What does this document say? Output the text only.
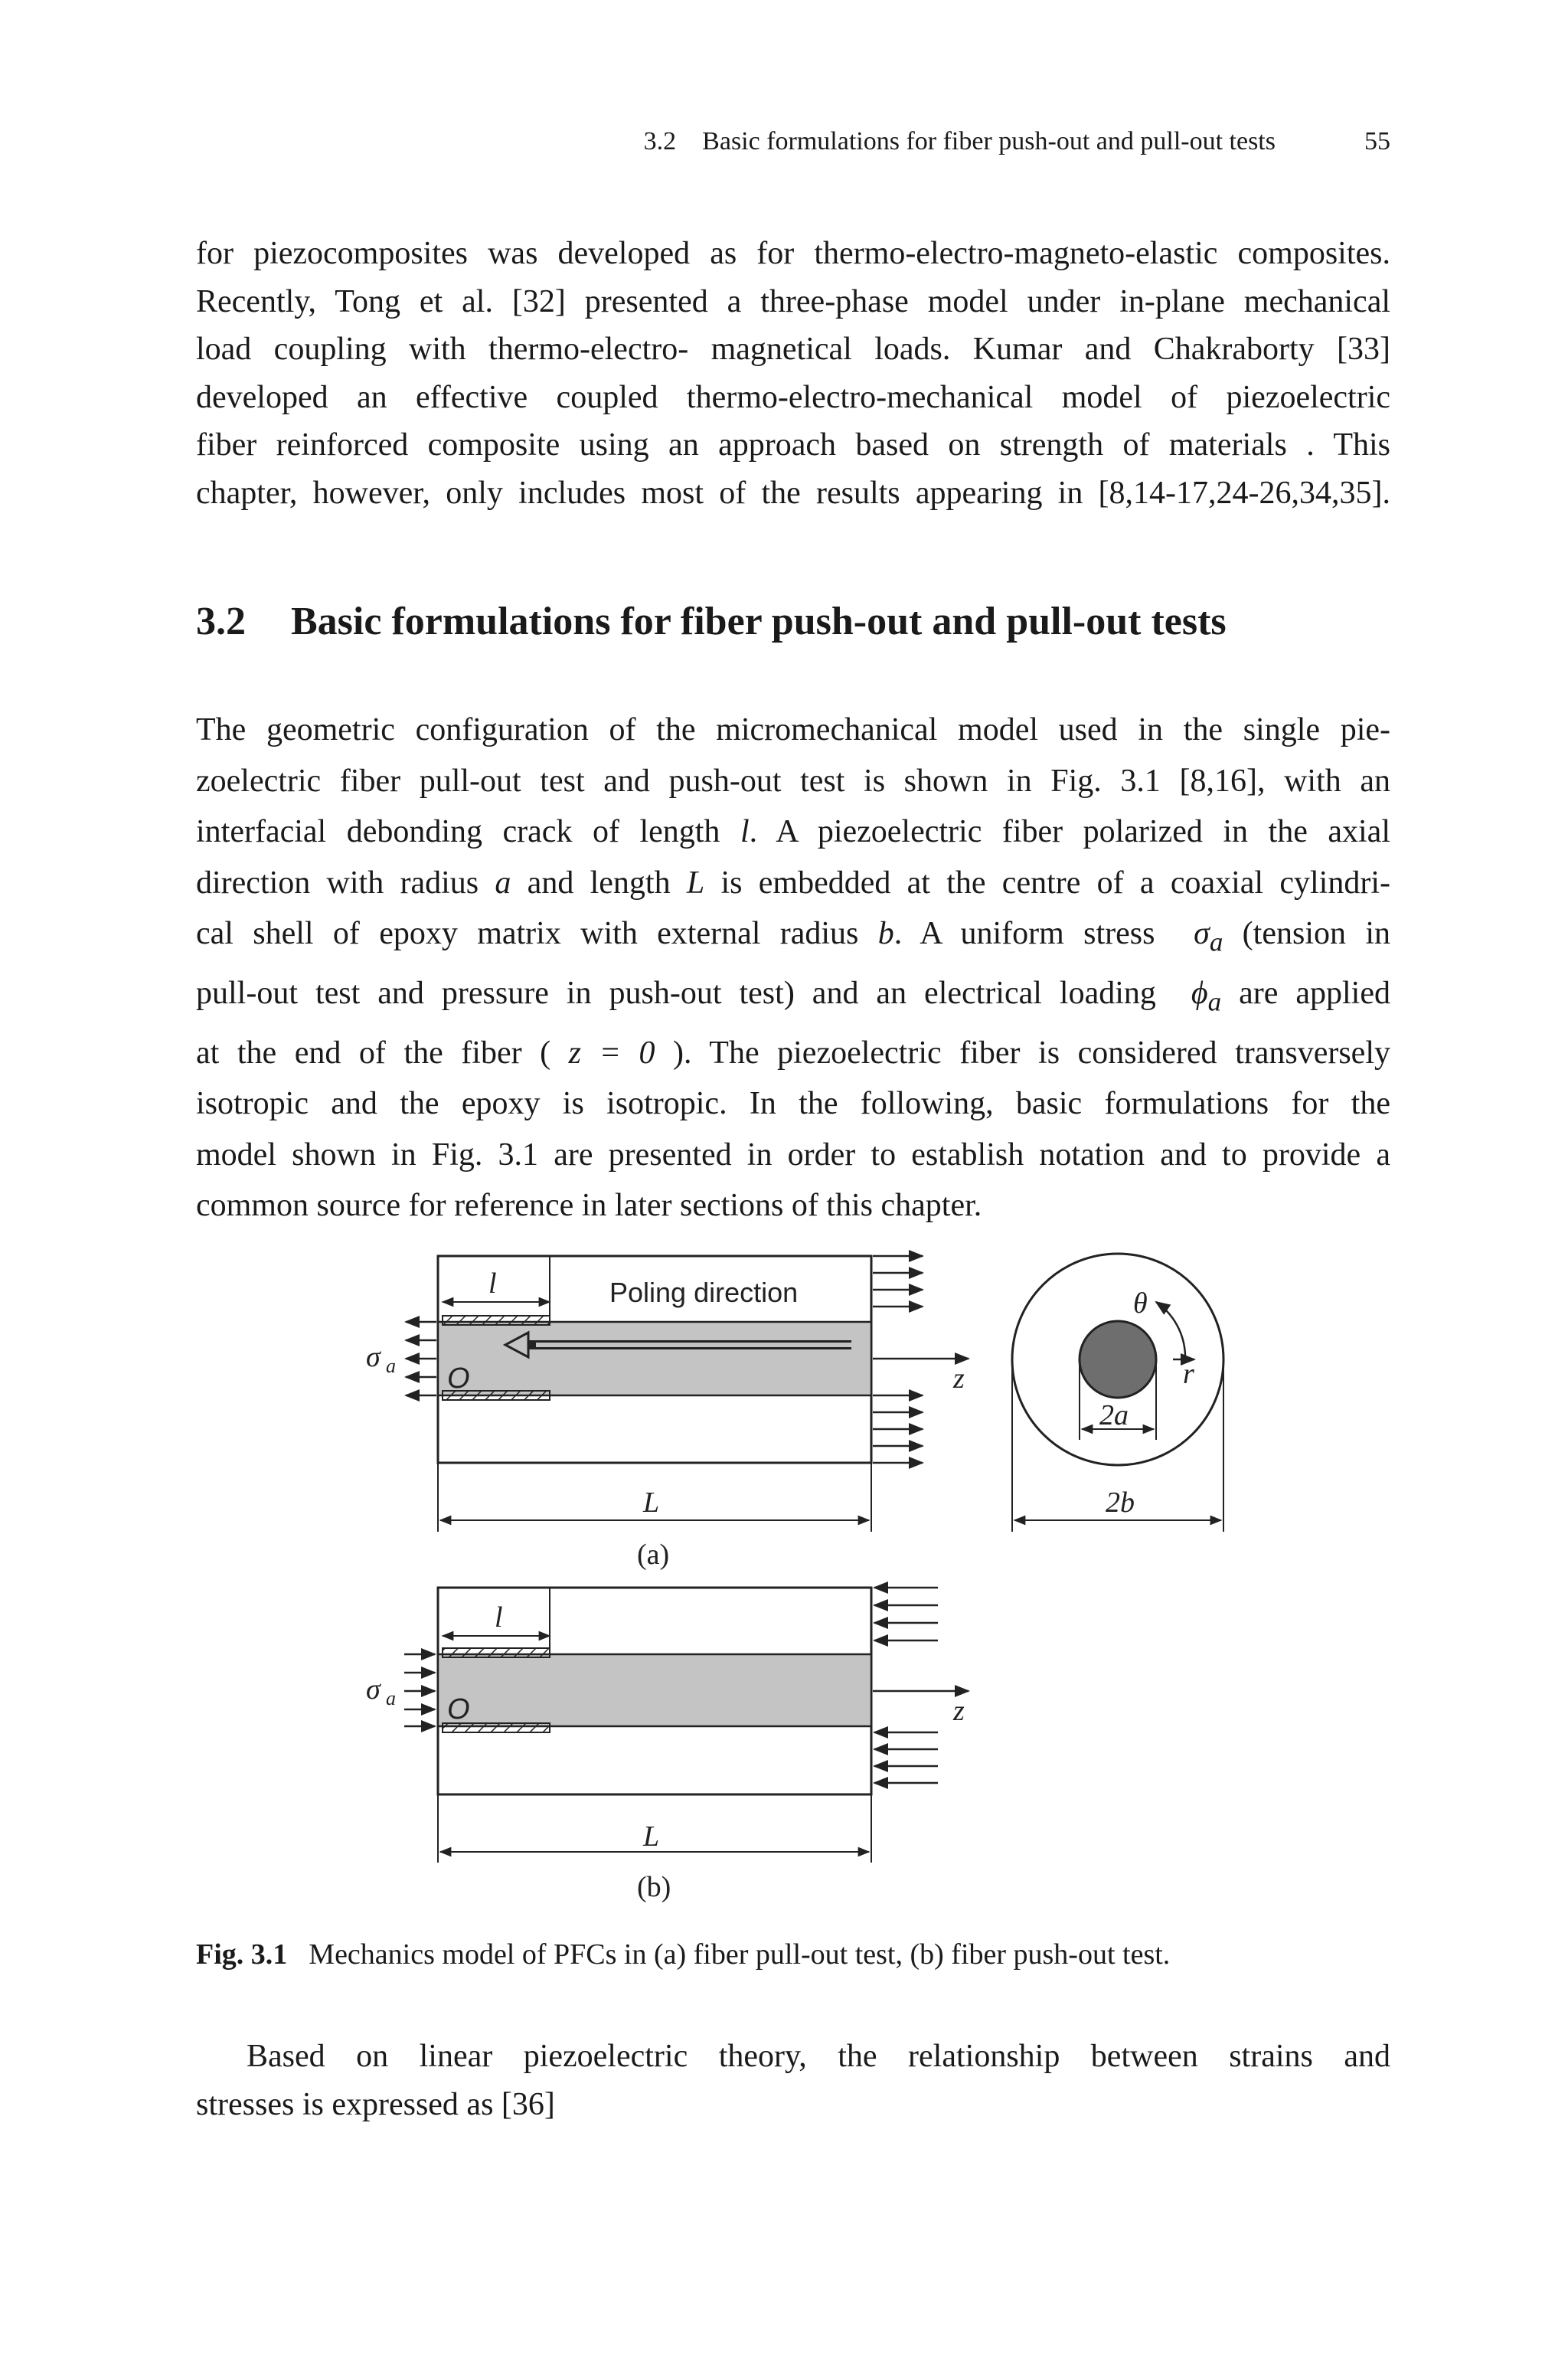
3.2    Basic formulations for fiber push-out and pull-out tests	55
for piezocomposites was developed as for thermo-electro-magneto-elastic composites.
Recently, Tong et al. [32] presented a three-phase model under in-plane mechanical
load coupling with thermo-electro- magnetical loads. Kumar and Chakraborty [33]
developed an effective coupled thermo-electro-mechanical model of piezoelectric
fiber reinforced composite using an approach based on strength of materials . This
chapter, however, only includes most of the results appearing in [8,14-17,24-26,34,35].
3.2 Basic formulations for fiber push-out and pull-out tests
The geometric configuration of the micromechanical model used in the single pie-
zoelectric fiber pull-out test and push-out test is shown in Fig. 3.1 [8,16], with an
interfacial debonding crack of length l. A piezoelectric fiber polarized in the axial
direction with radius a and length L is embedded at the centre of a coaxial cylindri-
cal shell of epoxy matrix with external radius b. A uniform stress  $\sigma_a$ (tension in
pull-out test and pressure in push-out test) and an electrical loading  $\phi_a$ are applied
at the end of the fiber ( z = 0 ). The piezoelectric fiber is considered transversely
isotropic and the epoxy is isotropic. In the following, basic formulations for the
model shown in Fig. 3.1 are presented in order to establish notation and to provide a
common source for reference in later sections of this chapter.
l	Poling direction
σ a O	z
L
(a)
θ
r
2a
2b
l
σ a O	z
L
(b)
Fig. 3.1 Mechanics model of PFCs in (a) fiber pull-out test, (b) fiber push-out test.
Based on linear piezoelectric theory, the relationship between strains and
stresses is expressed as [36]
